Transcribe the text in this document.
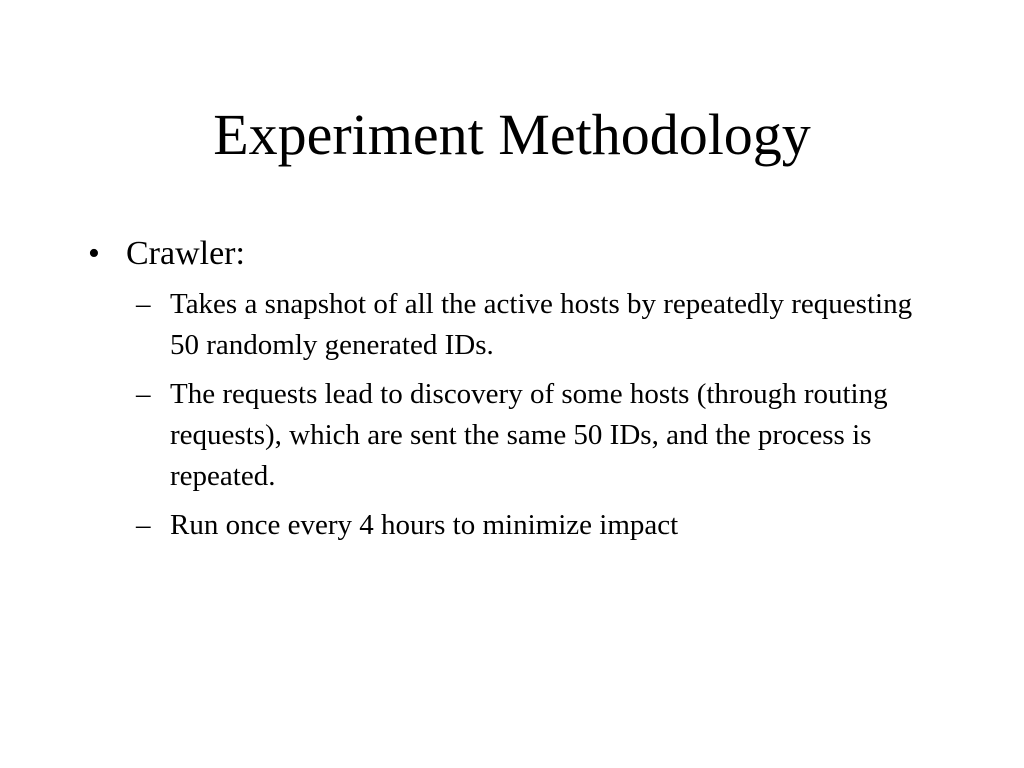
Experiment Methodology
• Crawler:
– Takes a snapshot of all the active hosts by repeatedly requesting 50 randomly generated IDs.
– The requests lead to discovery of some hosts (through routing requests), which are sent the same 50 IDs, and the process is repeated.
– Run once every 4 hours to minimize impact
